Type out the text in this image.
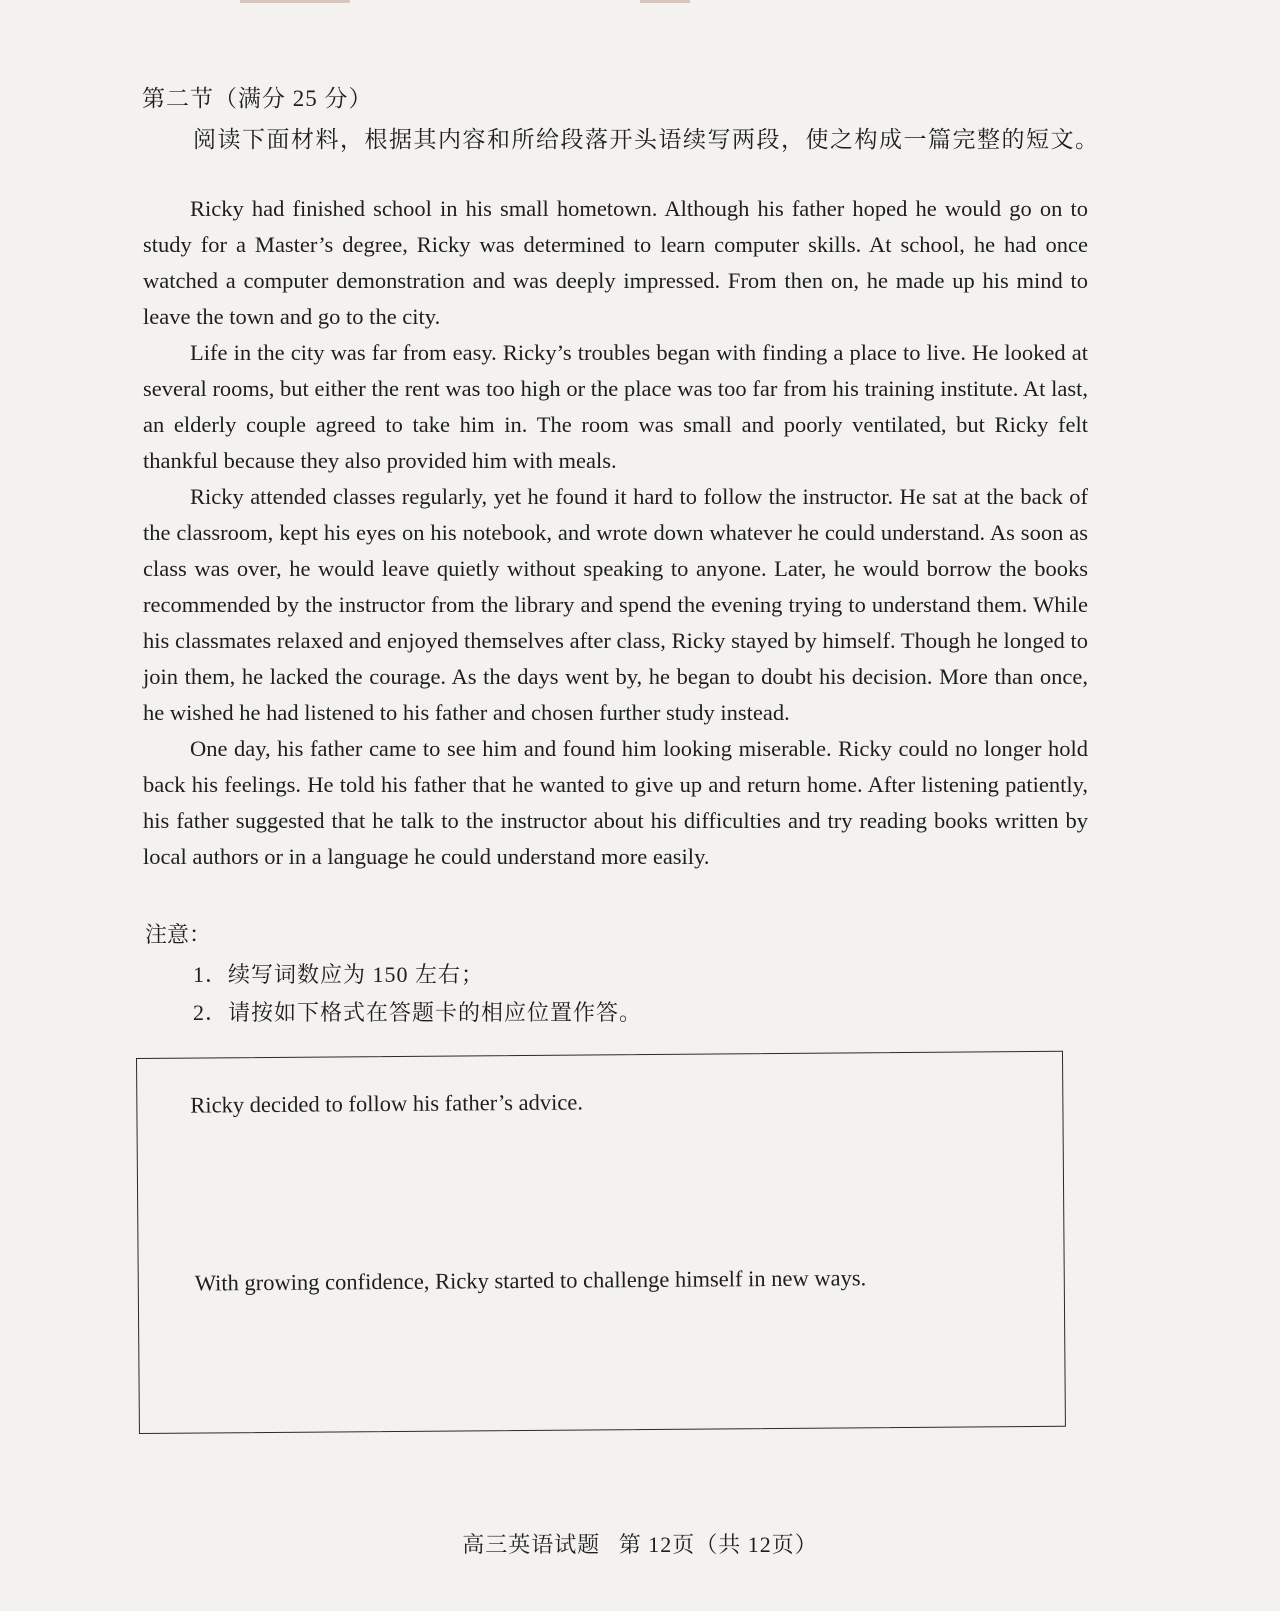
第二节（满分 25 分）
阅读下面材料，根据其内容和所给段落开头语续写两段，使之构成一篇完整的短文。

Ricky had finished school in his small hometown. Although his father hoped he would go on to study for a Master’s degree, Ricky was determined to learn computer skills. At school, he had once watched a computer demonstration and was deeply impressed. From then on, he made up his mind to leave the town and go to the city.

Life in the city was far from easy. Ricky’s troubles began with finding a place to live. He looked at several rooms, but either the rent was too high or the place was too far from his training institute. At last, an elderly couple agreed to take him in. The room was small and poorly ventilated, but Ricky felt thankful because they also provided him with meals.

Ricky attended classes regularly, yet he found it hard to follow the instructor. He sat at the back of the classroom, kept his eyes on his notebook, and wrote down whatever he could understand. As soon as class was over, he would leave quietly without speaking to anyone. Later, he would borrow the books recommended by the instructor from the library and spend the evening trying to understand them. While his classmates relaxed and enjoyed themselves after class, Ricky stayed by himself. Though he longed to join them, he lacked the courage. As the days went by, he began to doubt his decision. More than once, he wished he had listened to his father and chosen further study instead.

One day, his father came to see him and found him looking miserable. Ricky could no longer hold back his feelings. He told his father that he wanted to give up and return home. After listening patiently, his father suggested that he talk to the instructor about his difficulties and try reading books written by local authors or in a language he could understand more easily.

注意：
1．续写词数应为 150 左右；
2．请按如下格式在答题卡的相应位置作答。
Ricky decided to follow his father’s advice.
With growing confidence, Ricky started to challenge himself in new ways.
高三英语试题 第 12页（共 12页）
